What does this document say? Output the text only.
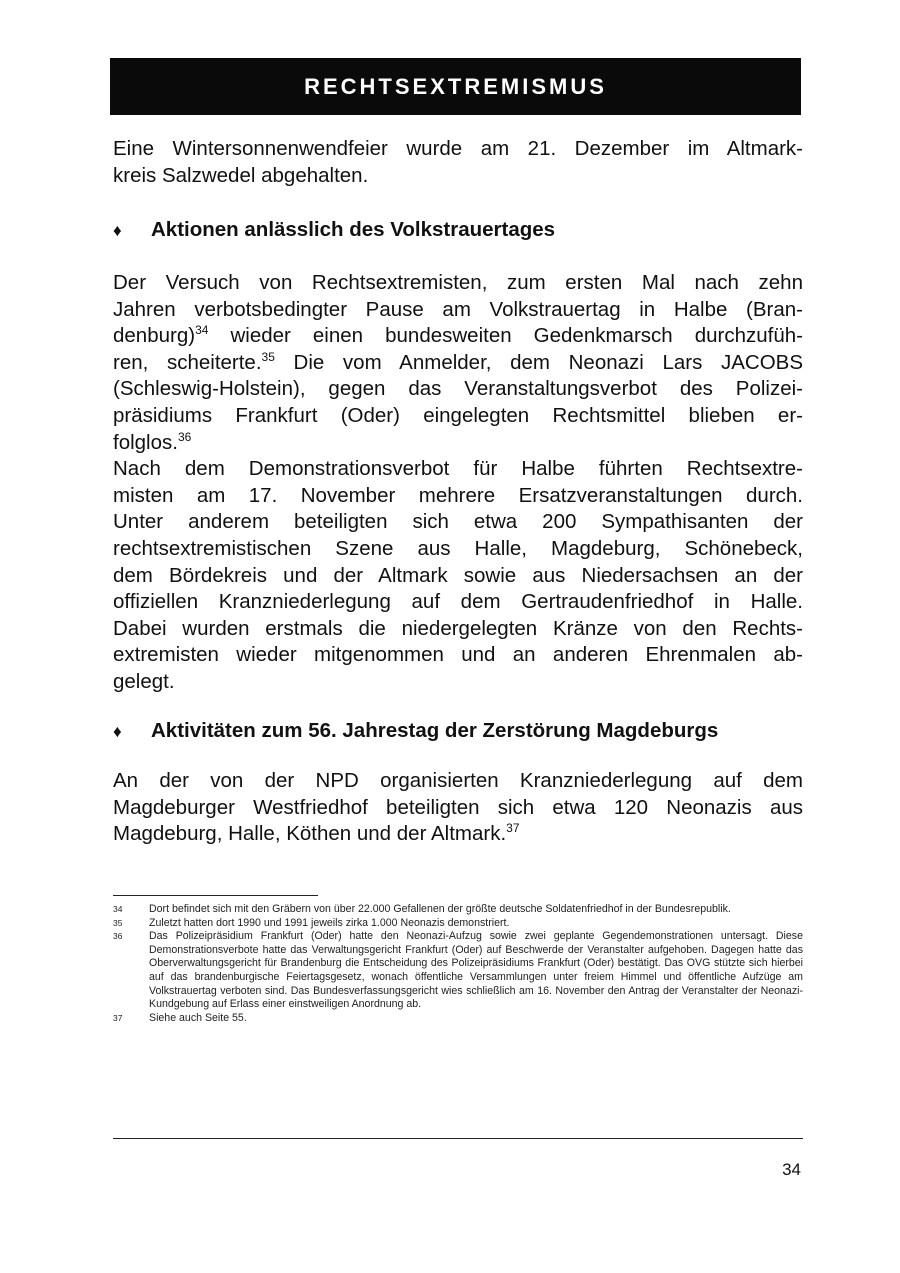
RECHTSEXTREMISMUS

Eine Wintersonnenwendfeier wurde am 21. Dezember im Altmark-
kreis Salzwedel abgehalten.

♦ Aktionen anlässlich des Volkstrauertages

Der Versuch von Rechtsextremisten, zum ersten Mal nach zehn
Jahren verbotsbedingter Pause am Volkstrauertag in Halbe (Bran-
denburg)$^{34}$ wieder einen bundesweiten Gedenkmarsch durchzufüh-
ren, scheiterte.$^{35}$ Die vom Anmelder, dem Neonazi Lars JACOBS
(Schleswig-Holstein), gegen das Veranstaltungsverbot des Polizei-
präsidiums Frankfurt (Oder) eingelegten Rechtsmittel blieben er-
folglos.$^{36}$
Nach dem Demonstrationsverbot für Halbe führten Rechtsextre-
misten am 17. November mehrere Ersatzveranstaltungen durch.
Unter anderem beteiligten sich etwa 200 Sympathisanten der
rechtsextremistischen Szene aus Halle, Magdeburg, Schönebeck,
dem Bördekreis und der Altmark sowie aus Niedersachsen an der
offiziellen Kranzniederlegung auf dem Gertraudenfriedhof in Halle.
Dabei wurden erstmals die niedergelegten Kränze von den Rechts-
extremisten wieder mitgenommen und an anderen Ehrenmalen ab-
gelegt.

♦ Aktivitäten zum 56. Jahrestag der Zerstörung Magdeburgs

An der von der NPD organisierten Kranzniederlegung auf dem
Magdeburger Westfriedhof beteiligten sich etwa 120 Neonazis aus
Magdeburg, Halle, Köthen und der Altmark.$^{37}$

34	Dort befindet sich mit den Gräbern von über 22.000 Gefallenen der größte deutsche Soldatenfriedhof in der Bundesrepublik.
35	Zuletzt hatten dort 1990 und 1991 jeweils zirka 1.000 Neonazis demonstriert.
36	Das Polizeipräsidium Frankfurt (Oder) hatte den Neonazi-Aufzug sowie zwei geplante Gegendemonstrationen untersagt. Diese Demonstrationsverbote hatte das Verwaltungsgericht Frankfurt (Oder) auf Beschwerde der Veranstalter aufgehoben. Dagegen hatte das Oberverwaltungsgericht für Brandenburg die Entscheidung des Polizeipräsidiums Frankfurt (Oder) bestätigt. Das OVG stützte sich hierbei auf das brandenburgische Feiertagsgesetz, wonach öffentliche Versammlungen unter freiem Himmel und öffentliche Aufzüge am Volkstrauertag verboten sind. Das Bundesverfassungsgericht wies schließlich am 16. November den Antrag der Veranstalter der Neonazi-Kundgebung auf Erlass einer einstweiligen Anordnung ab.
37	Siehe auch Seite 55.
34
